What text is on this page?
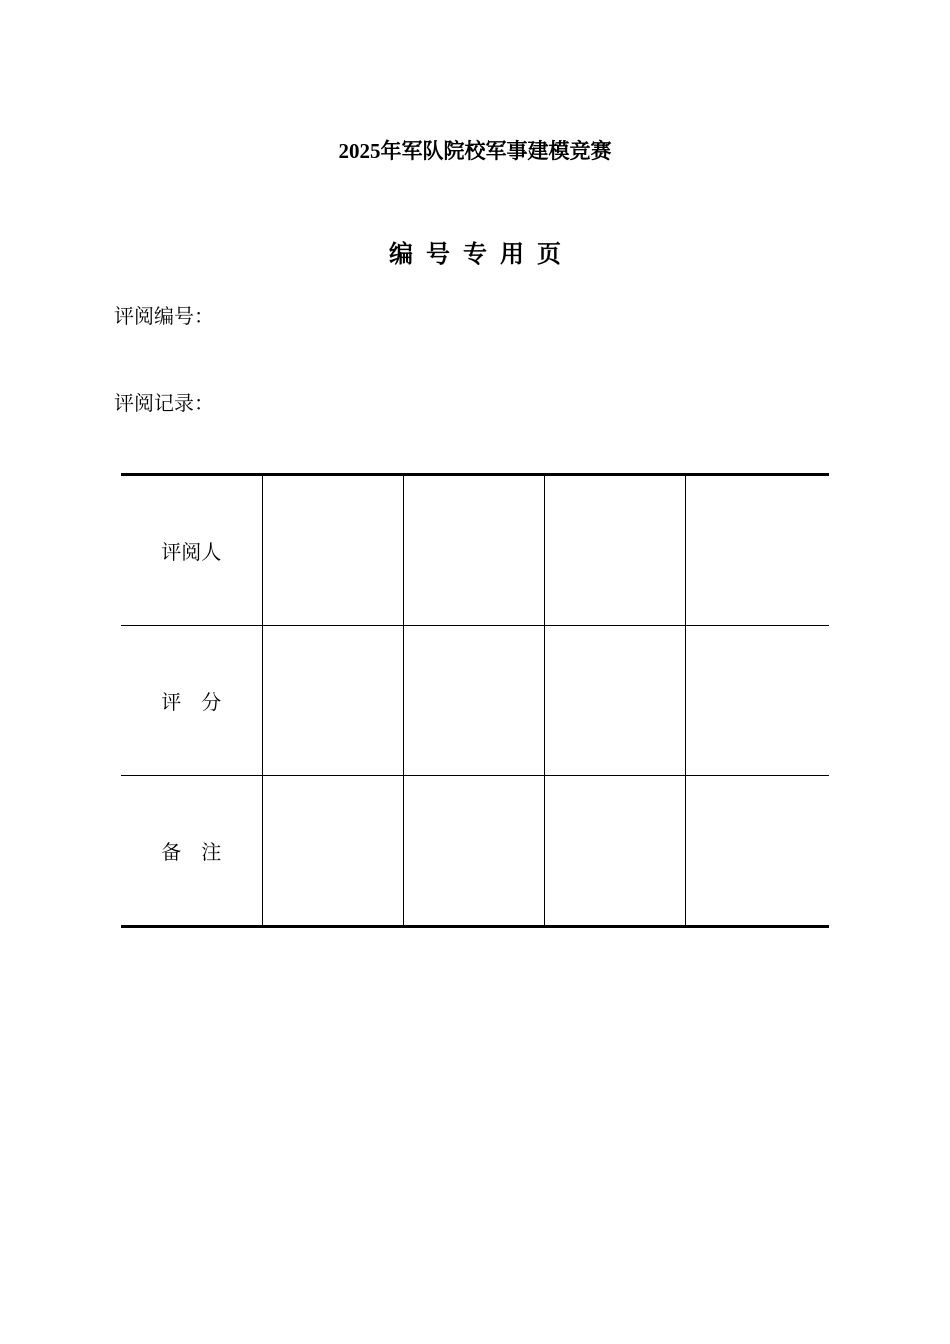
2025年军队院校军事建模竞赛
编号专用页
评阅编号：
评阅记录：
评阅人				
评　分				
备　注				
